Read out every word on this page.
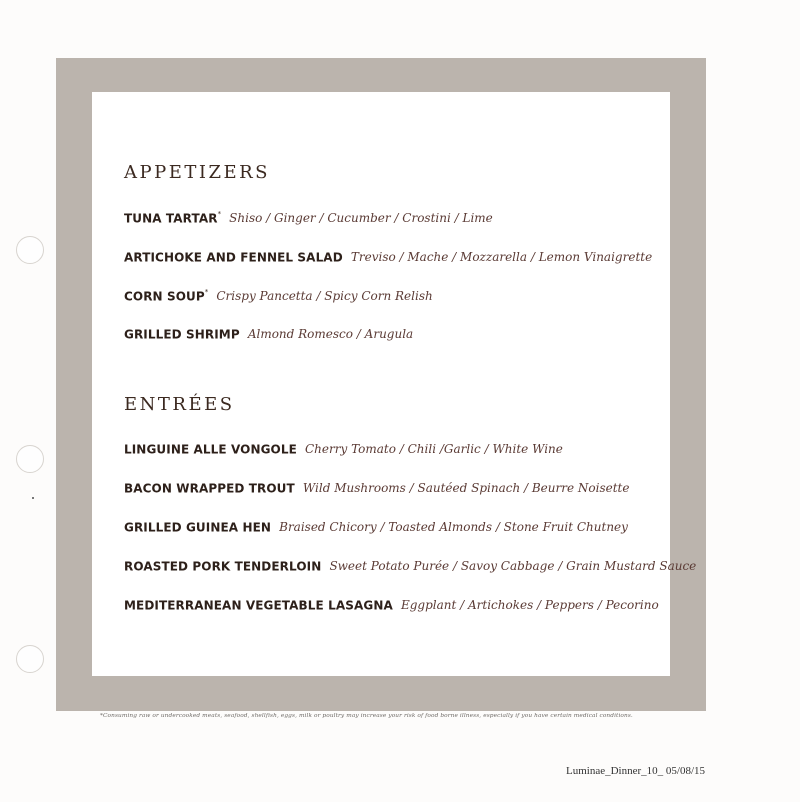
APPETIZERS
TUNA TARTAR* Shiso / Ginger / Cucumber / Crostini / Lime
ARTICHOKE AND FENNEL SALAD Treviso / Mache / Mozzarella / Lemon Vinaigrette
CORN SOUP* Crispy Pancetta / Spicy Corn Relish
GRILLED SHRIMP Almond Romesco / Arugula
ENTRÉES
LINGUINE ALLE VONGOLE Cherry Tomato / Chili /Garlic / White Wine
BACON WRAPPED TROUT Wild Mushrooms / Sautéed Spinach / Beurre Noisette
GRILLED GUINEA HEN Braised Chicory / Toasted Almonds / Stone Fruit Chutney
ROASTED PORK TENDERLOIN Sweet Potato Purée / Savoy Cabbage / Grain Mustard Sauce
MEDITERRANEAN VEGETABLE LASAGNA Eggplant / Artichokes / Peppers / Pecorino
*Consuming raw or undercooked meats, seafood, shellfish, eggs, milk or poultry may increase your risk of food borne illness, especially if you have certain medical conditions.
Luminae_Dinner_10_ 05/08/15
